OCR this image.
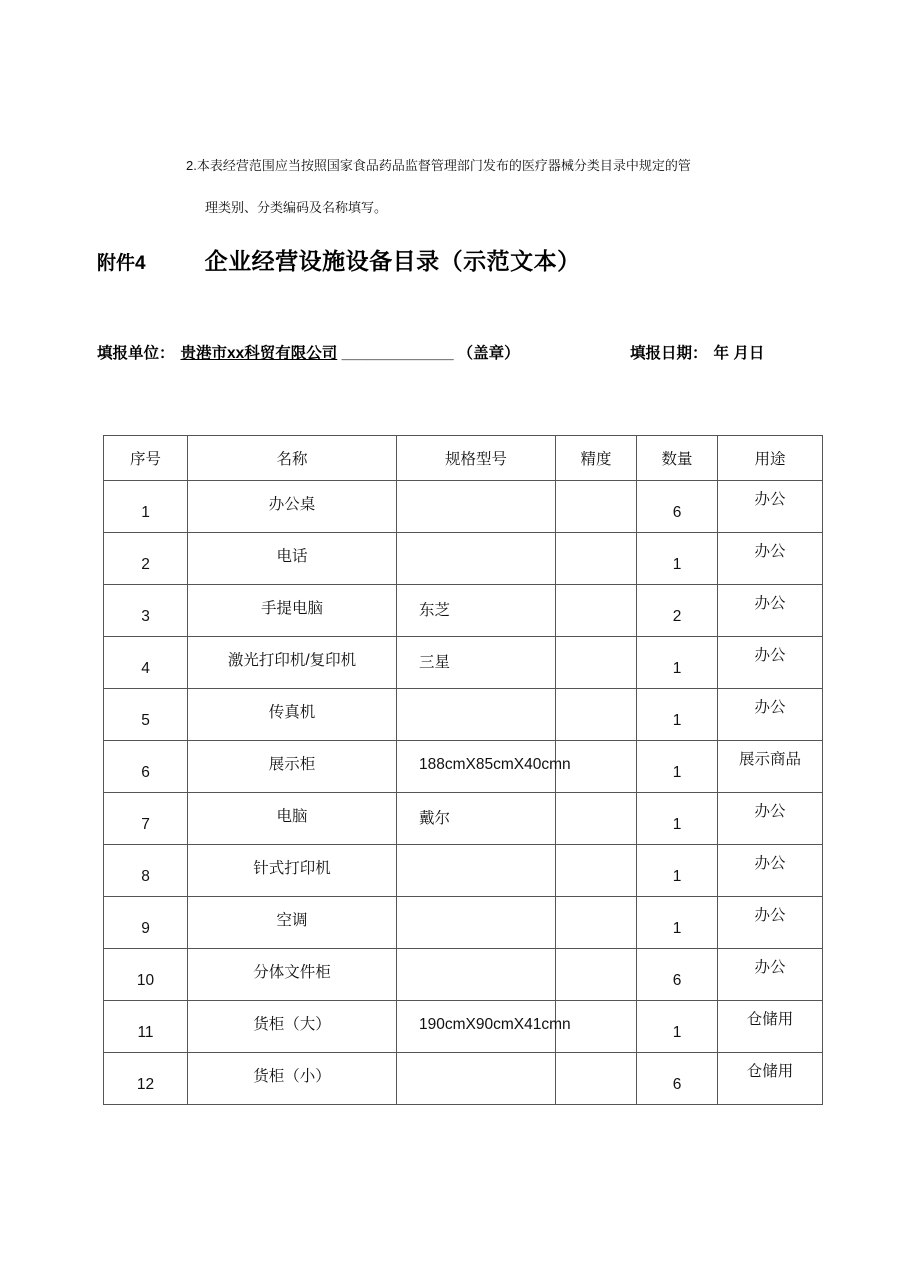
2.本表经营范围应当按照国家食品药品监督管理部门发布的医疗器械分类目录中规定的管

理类别、分类编码及名称填写。

附件4	企业经营设施设备目录（示范文本）
填报单位： 贵港市xx科贸有限公司 _____________ （盖章）	填报日期： 年 月日
序号	名称	规格型号	精度	数量	用途
1	办公桌			6	办公
2	电话			1	办公
3	手提电脑	东芝		2	办公
4	激光打印机/复印机	三星		1	办公
5	传真机			1	办公
6	展示柜	188cmX85cmX40cmn		1	展示商品
7	电脑	戴尔		1	办公
8	针式打印机			1	办公
9	空调			1	办公
10	分体文件柜			6	办公
11	货柜（大）	190cmX90cmX41cmn		1	仓储用
12	货柜（小）			6	仓储用
